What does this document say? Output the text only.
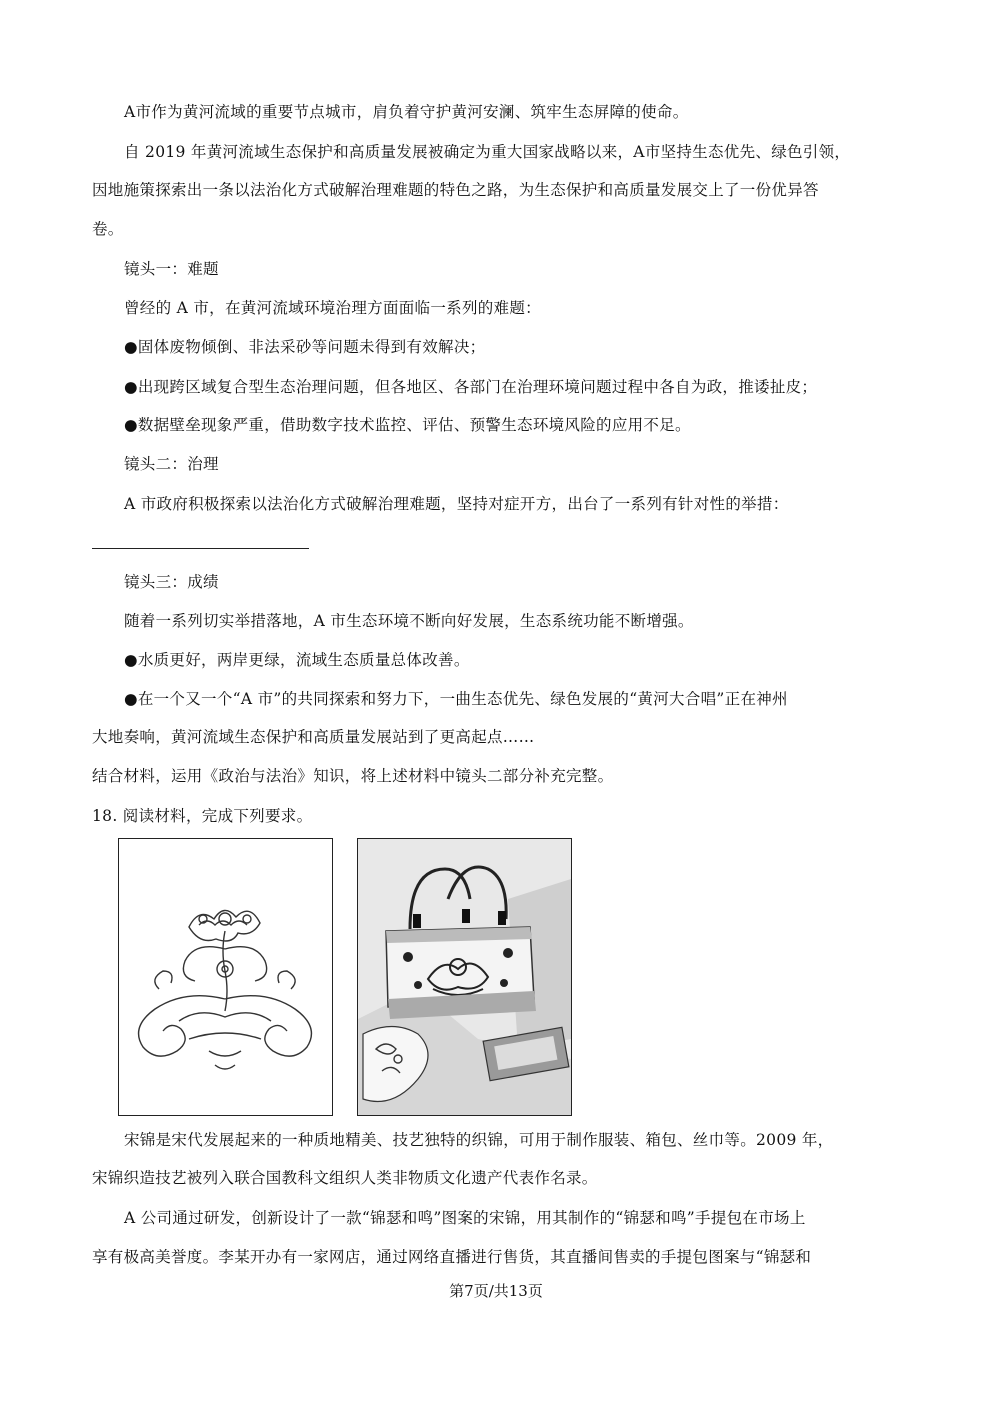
A市作为黄河流域的重要节点城市，肩负着守护黄河安澜、筑牢生态屏障的使命。
自 2019 年黄河流域生态保护和高质量发展被确定为重大国家战略以来，A市坚持生态优先、绿色引领，
因地施策探索出一条以法治化方式破解治理难题的特色之路，为生态保护和高质量发展交上了一份优异答
卷。
镜头一：难题
曾经的 A 市，在黄河流域环境治理方面面临一系列的难题：
●固体废物倾倒、非法采砂等问题未得到有效解决；
●出现跨区域复合型生态治理问题，但各地区、各部门在治理环境问题过程中各自为政，推诿扯皮；
●数据壁垒现象严重，借助数字技术监控、评估、预警生态环境风险的应用不足。
镜头二：治理
A 市政府积极探索以法治化方式破解治理难题，坚持对症开方，出台了一系列有针对性的举措：
镜头三：成绩
随着一系列切实举措落地，A 市生态环境不断向好发展，生态系统功能不断增强。
●水质更好，两岸更绿，流域生态质量总体改善。
●在一个又一个“A 市”的共同探索和努力下，一曲生态优先、绿色发展的“黄河大合唱”正在神州
大地奏响，黄河流域生态保护和高质量发展站到了更高起点……
结合材料，运用《政治与法治》知识，将上述材料中镜头二部分补充完整。
18. 阅读材料，完成下列要求。
宋锦是宋代发展起来的一种质地精美、技艺独特的织锦，可用于制作服装、箱包、丝巾等。2009 年，
宋锦织造技艺被列入联合国教科文组织人类非物质文化遗产代表作名录。
A 公司通过研发，创新设计了一款“锦瑟和鸣”图案的宋锦，用其制作的“锦瑟和鸣”手提包在市场上
享有极高美誉度。李某开办有一家网店，通过网络直播进行售货，其直播间售卖的手提包图案与“锦瑟和
第7页/共13页
